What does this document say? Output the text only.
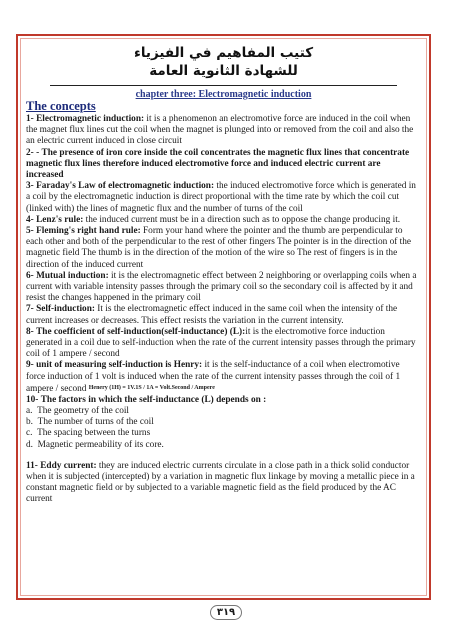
كتيب المفاهيم في الفيزياء
للشهادة الثانوية العامة
chapter three: Electromagnetic induction
The concepts
1- Electromagnetic induction: it is a phenomenon an electromotive force are induced in the coil when the magnet flux lines cut the coil when the magnet is plunged into or removed from the coil and also the an electric current induced in close circuit
2- - The presence of iron core inside the coil concentrates the magnetic flux lines that concentrate magnetic flux lines therefore induced electromotive force and induced electric current are increased
3- Faraday's Law of electromagnetic induction: the induced electromotive force which is generated in a coil by the electromagnetic induction is direct proportional with the time rate by which the coil cut (linked with) the lines of magnetic flux and the number of turns of the coil
4- Lenz's rule: the induced current must be in a direction such as to oppose the change producing it.
5- Fleming's right hand rule: Form your hand where the pointer and the thumb are perpendicular to each other and both of the perpendicular to the rest of other fingers The pointer is in the direction of the magnetic field The thumb is in the direction of the motion of the wire so The rest of fingers is in the direction of the induced current
6- Mutual induction: it is the electromagnetic effect between 2 neighboring or overlapping coils when a current with variable intensity passes through the primary coil so the secondary coil is affected by it and resist the changes happened in the primary coil
7- Self-induction: It is the electromagnetic effect induced in the same coil when the intensity of the current increases or decreases. This effect resists the variation in the current intensity.
8- The coefficient of self-induction(self-inductance) (L):it is the electromotive force induction generated in a coil due to self-induction when the rate of the current intensity passes through the primary coil of 1 ampere / second
9- unit of measuring self-induction is Henry: it is the self-inductance of a coil when electromotive force induction of 1 volt is induced when the rate of the current intensity passes through the coil of 1 ampere / second Henery (1H) = 1V.1S / 1A = Volt.Second / Ampere
10- The factors in which the self-inductance (L) depends on :
a. The geometry of the coil
b. The number of turns of the coil
c. The spacing between the turns
d. Magnetic permeability of its core.
11- Eddy current: they are induced electric currents circulate in a close path in a thick solid conductor when it is subjected (intercepted) by a variation in magnetic flux linkage by moving a metallic piece in a constant magnetic field or by subjected to a variable magnetic field as the field produced by the AC current
٣١٩
